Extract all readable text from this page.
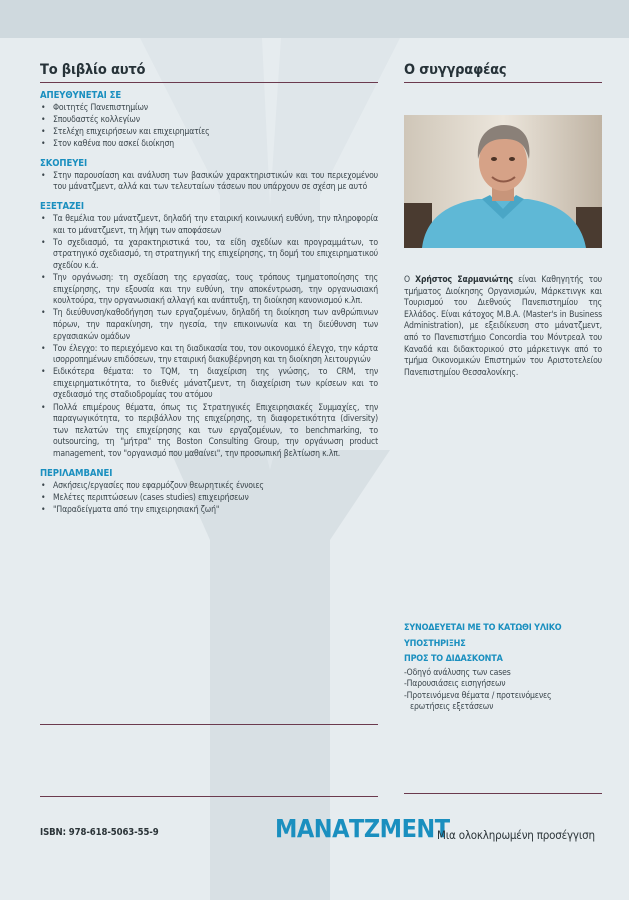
Το βιβλίο αυτό
ΑΠΕΥΘΥΝΕΤΑΙ ΣΕ
• Φοιτητές Πανεπιστημίων
• Σπουδαστές κολλεγίων
• Στελέχη επιχειρήσεων και επιχειρηματίες
• Στον καθένα που ασκεί διοίκηση
ΣΚΟΠΕΥΕΙ
• Στην παρουσίαση και ανάλυση των βασικών χαρακτηριστικών και του περιεχομένου του μάνατζμεντ, αλλά και των τελευταίων τάσεων που υπάρχουν σε σχέση με αυτό
ΕΞΕΤΑΖΕΙ
• Τα θεμέλια του μάνατζμεντ, δηλαδή την εταιρική κοινωνική ευθύνη, την πληροφορία και το μάνατζμεντ, τη λήψη των αποφάσεων
• Το σχεδιασμό, τα χαρακτηριστικά του, τα είδη σχεδίων και προγραμμάτων, το στρατηγικό σχεδιασμό, τη στρατηγική της επιχείρησης, τη δομή του επιχειρηματικού σχεδίου κ.ά.
• Την οργάνωση: τη σχεδίαση της εργασίας, τους τρόπους τμηματοποίησης της επιχείρησης, την εξουσία και την ευθύνη, την αποκέντρωση, την οργανωσιακή κουλτούρα, την οργανωσιακή αλλαγή και ανάπτυξη, τη διοίκηση κανονισμού κ.λπ.
• Τη διεύθυνση/καθοδήγηση των εργαζομένων, δηλαδή τη διοίκηση των ανθρώπινων πόρων, την παρακίνηση, την ηγεσία, την επικοινωνία και τη διεύθυνση των εργασιακών ομάδων
• Τον έλεγχο: το περιεχόμενο και τη διαδικασία του, τον οικονομικό έλεγχο, την κάρτα ισορροπημένων επιδόσεων, την εταιρική διακυβέρνηση και τη διοίκηση λειτουργιών
• Ειδικότερα θέματα: το TQM, τη διαχείριση της γνώσης, το CRM, την επιχειρηματικότητα, το διεθνές μάνατζμεντ, τη διαχείριση των κρίσεων και το σχεδιασμό της σταδιοδρομίας του ατόμου
• Πολλά επιμέρους θέματα, όπως τις Στρατηγικές Επιχειρησιακές Συμμαχίες, την παραγωγικότητα, το περιβάλλον της επιχείρησης, τη διαφορετικότητα (diversity) των πελατών της επιχείρησης και των εργαζομένων, το benchmarking, το outsourcing, τη "μήτρα" της Boston Consulting Group, την οργάνωση product management, τον "οργανισμό που μαθαίνει", την προσωπική βελτίωση κ.λπ.
ΠΕΡΙΛΑΜΒΑΝΕΙ
• Ασκήσεις/εργασίες που εφαρμόζουν θεωρητικές έννοιες
• Μελέτες περιπτώσεων (cases studies) επιχειρήσεων
• "Παραδείγματα από την επιχειρησιακή ζωή"
Ο συγγραφέας
Ο Χρήστος Σαρμανιώτης είναι Καθηγητής του τμήματος Διοίκησης Οργανισμών, Μάρκετινγκ και Τουρισμού του Διεθνούς Πανεπιστημίου της Ελλάδος. Είναι κάτοχος M.B.A. (Master's in Business Administration), με εξειδίκευση στο μάνατζμεντ, από το Πανεπιστήμιο Concordia του Μόντρεαλ του Καναδά και διδακτορικού στο μάρκετινγκ από το τμήμα Οικονομικών Επιστημών του Αριστοτελείου Πανεπιστημίου Θεσσαλονίκης.
ΣΥΝΟΔΕΥΕΤΑΙ ΜΕ ΤΟ ΚΑΤΩΘΙ ΥΛΙΚΟ ΥΠΟΣΤΗΡΙΞΗΣ
ΠΡΟΣ ΤΟ ΔΙΔΑΣΚΟΝΤΑ
-Οδηγό ανάλυσης των cases
-Παρουσιάσεις εισηγήσεων
-Προτεινόμενα θέματα / προτεινόμενες
ερωτήσεις εξετάσεων
ISBN: 978-618-5063-55-9	ΜΑΝΑΤΖΜΕΝΤ
Μια ολοκληρωμένη προσέγγιση
